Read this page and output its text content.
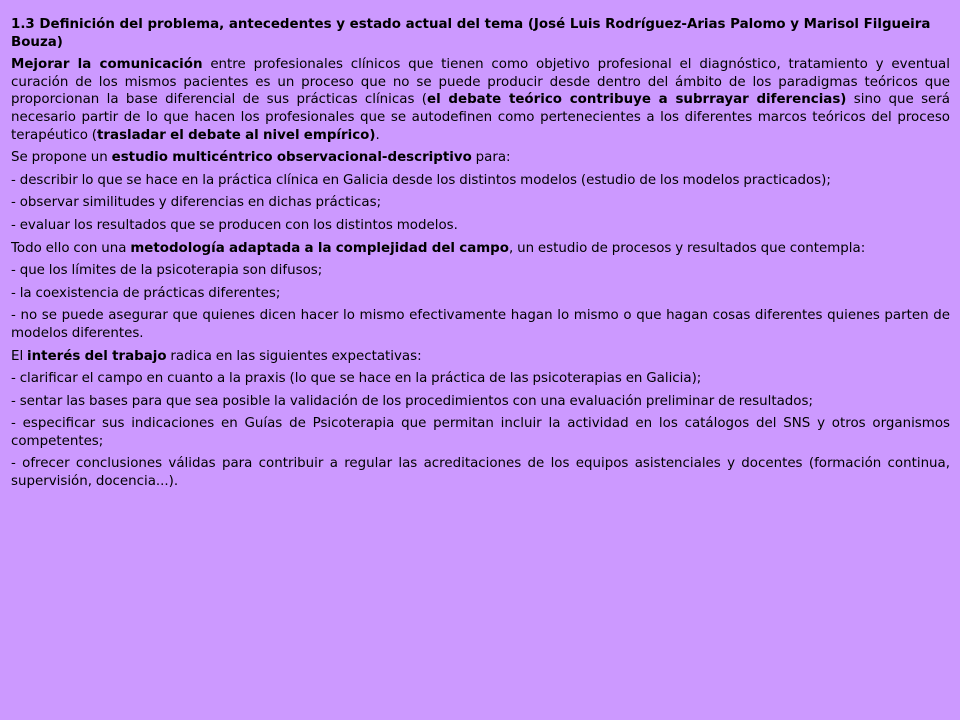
1.3 Definición del problema, antecedentes y estado actual del tema (José Luis Rodríguez-Arias Palomo y Marisol Filgueira Bouza)
Mejorar la comunicación entre profesionales clínicos que tienen como objetivo profesional el diagnóstico, tratamiento y eventual curación de los mismos pacientes es un proceso que no se puede producir desde dentro del ámbito de los paradigmas teóricos que proporcionan la base diferencial de sus prácticas clínicas (el debate teórico contribuye a subrrayar diferencias) sino que será necesario partir de lo que hacen los profesionales que se autodefinen como pertenecientes a los diferentes marcos teóricos del proceso terapéutico (trasladar el debate al nivel empírico).
Se propone un estudio multicéntrico observacional-descriptivo para:
- describir lo que se hace en la práctica clínica en Galicia desde los distintos modelos (estudio de los modelos practicados);
- observar similitudes y diferencias en dichas prácticas;
- evaluar los resultados que se producen con los distintos modelos.
Todo ello con una metodología adaptada a la complejidad del campo, un estudio de procesos y resultados que contempla:
- que los límites de la psicoterapia son difusos;
- la coexistencia de prácticas diferentes;
- no se puede asegurar que quienes dicen hacer lo mismo efectivamente hagan lo mismo o que hagan cosas diferentes quienes parten de modelos diferentes.
El interés del trabajo radica en las siguientes expectativas:
- clarificar el campo en cuanto a la praxis (lo que se hace en la práctica de las psicoterapias en Galicia);
- sentar las bases para que sea posible la validación de los procedimientos con una evaluación preliminar de resultados;
- especificar sus indicaciones en Guías de Psicoterapia que permitan incluir la actividad en los catálogos del SNS y otros organismos competentes;
- ofrecer conclusiones válidas para contribuir a regular las acreditaciones de los equipos asistenciales y docentes (formación continua, supervisión, docencia...).
